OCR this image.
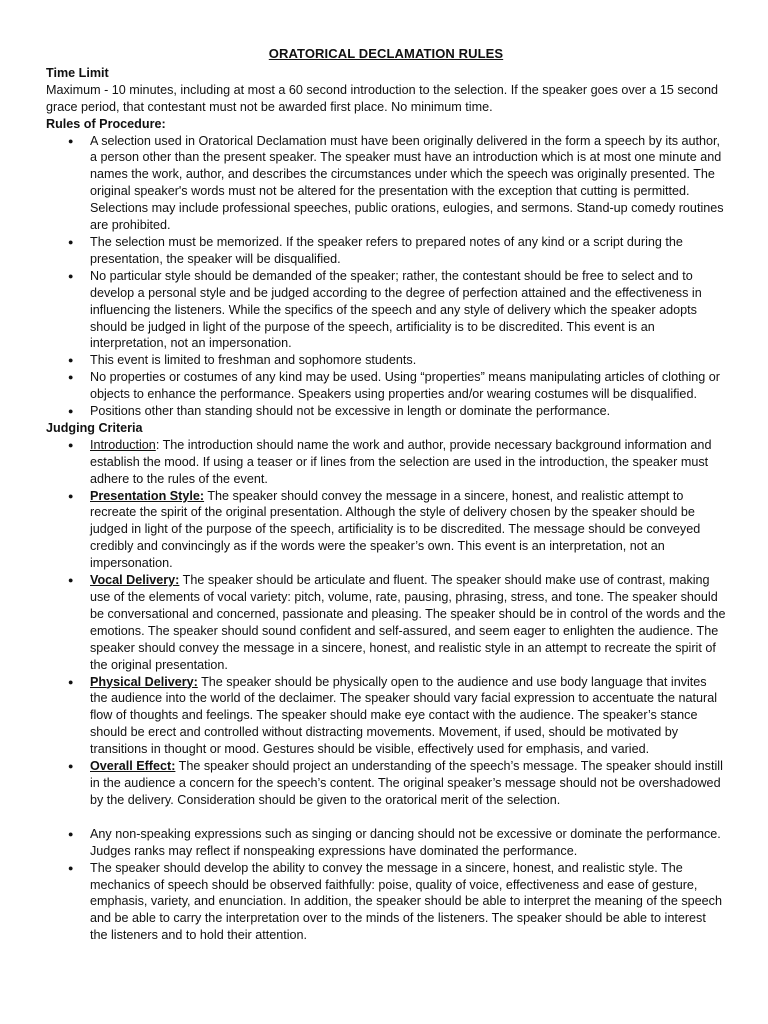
ORATORICAL DECLAMATION RULES

Time Limit

Maximum - 10 minutes, including at most a 60 second introduction to the selection. If the speaker goes over a 15 second grace period, that contestant must not be awarded first place. No minimum time.

Rules of Procedure:

● A selection used in Oratorical Declamation must have been originally delivered in the form a speech by its author, a person other than the present speaker. The speaker must have an introduction which is at most one minute and names the work, author, and describes the circumstances under which the speech was originally presented. The original speaker's words must not be altered for the presentation with the exception that cutting is permitted. Selections may include professional speeches, public orations, eulogies, and sermons. Stand-up comedy routines are prohibited.
● The selection must be memorized. If the speaker refers to prepared notes of any kind or a script during the presentation, the speaker will be disqualified.
● No particular style should be demanded of the speaker; rather, the contestant should be free to select and to develop a personal style and be judged according to the degree of perfection attained and the effectiveness in influencing the listeners. While the specifics of the speech and any style of delivery which the speaker adopts should be judged in light of the purpose of the speech, artificiality is to be discredited. This event is an interpretation, not an impersonation.
● This event is limited to freshman and sophomore students.
● No properties or costumes of any kind may be used. Using “properties” means manipulating articles of clothing or objects to enhance the performance. Speakers using properties and/or wearing costumes will be disqualified.
● Positions other than standing should not be excessive in length or dominate the performance.

Judging Criteria

● Introduction: The introduction should name the work and author, provide necessary background information and establish the mood. If using a teaser or if lines from the selection are used in the introduction, the speaker must adhere to the rules of the event.
● Presentation Style: The speaker should convey the message in a sincere, honest, and realistic attempt to recreate the spirit of the original presentation. Although the style of delivery chosen by the speaker should be judged in light of the purpose of the speech, artificiality is to be discredited. The message should be conveyed credibly and convincingly as if the words were the speaker’s own. This event is an interpretation, not an impersonation.
● Vocal Delivery: The speaker should be articulate and fluent. The speaker should make use of contrast, making use of the elements of vocal variety: pitch, volume, rate, pausing, phrasing, stress, and tone. The speaker should be conversational and concerned, passionate and pleasing. The speaker should be in control of the words and the emotions. The speaker should sound confident and self-assured, and seem eager to enlighten the audience. The speaker should convey the message in a sincere, honest, and realistic style in an attempt to recreate the spirit of the original presentation.
● Physical Delivery: The speaker should be physically open to the audience and use body language that invites the audience into the world of the declaimer. The speaker should vary facial expression to accentuate the natural flow of thoughts and feelings. The speaker should make eye contact with the audience. The speaker’s stance should be erect and controlled without distracting movements. Movement, if used, should be motivated by transitions in thought or mood. Gestures should be visible, effectively used for emphasis, and varied.
● Overall Effect: The speaker should project an understanding of the speech’s message. The speaker should instill in the audience a concern for the speech’s content. The original speaker’s message should not be overshadowed by the delivery. Consideration should be given to the oratorical merit of the selection.
● Any non-speaking expressions such as singing or dancing should not be excessive or dominate the performance. Judges ranks may reflect if nonspeaking expressions have dominated the performance.
● The speaker should develop the ability to convey the message in a sincere, honest, and realistic style. The mechanics of speech should be observed faithfully: poise, quality of voice, effectiveness and ease of gesture, emphasis, variety, and enunciation. In addition, the speaker should be able to interpret the meaning of the speech and be able to carry the interpretation over to the minds of the listeners. The speaker should be able to interest the listeners and to hold their attention.
